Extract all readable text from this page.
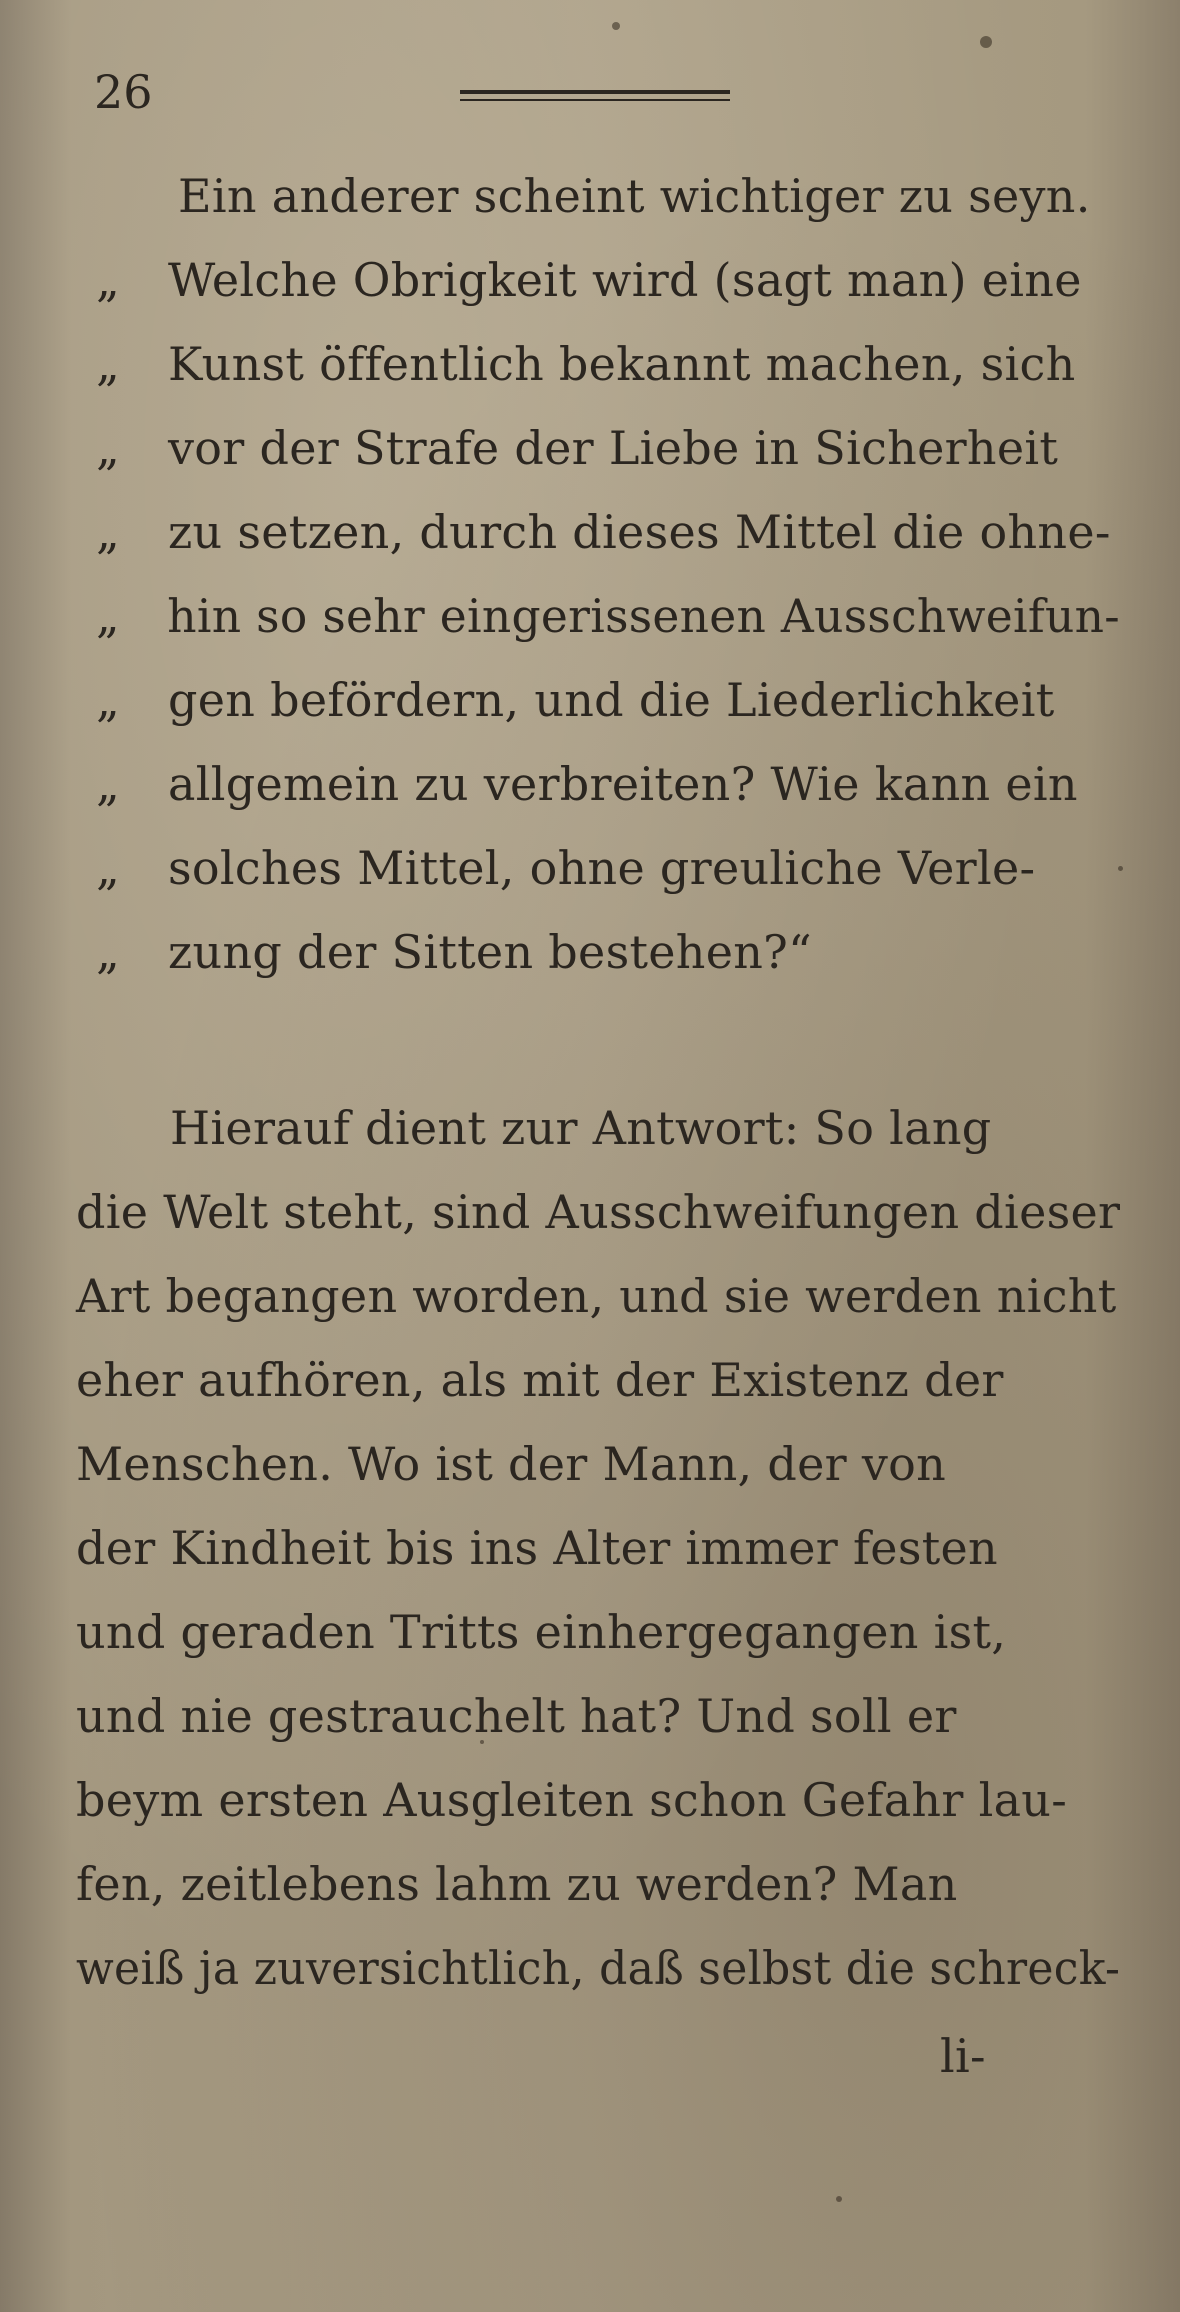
26
Ein anderer scheint wichtiger zu seyn.
„ Welche Obrigkeit wird (sagt man) eine
„ Kunst öffentlich bekannt machen, sich
„ vor der Strafe der Liebe in Sicherheit
„ zu setzen, durch dieses Mittel die ohne-
„ hin so sehr eingerissenen Ausschweifun-
„ gen befördern, und die Liederlichkeit
„ allgemein zu verbreiten? Wie kann ein
„ solches Mittel, ohne greuliche Verle-
„ zung der Sitten bestehen?“
Hierauf dient zur Antwort: So lang
die Welt steht, sind Ausschweifungen dieser
Art begangen worden, und sie werden nicht
eher aufhören, als mit der Existenz der
Menschen. Wo ist der Mann, der von
der Kindheit bis ins Alter immer festen
und geraden Tritts einhergegangen ist,
und nie gestrauchelt hat? Und soll er
beym ersten Ausgleiten schon Gefahr lau-
fen, zeitlebens lahm zu werden? Man
weiß ja zuversichtlich, daß selbst die schreck-
li-
